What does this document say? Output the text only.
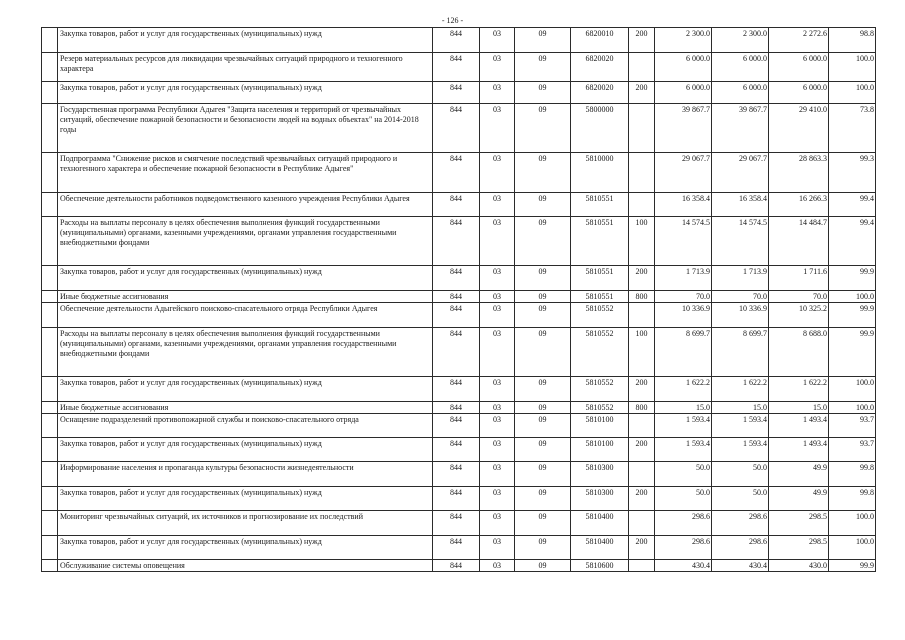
- 126 -
	Закупка товаров, работ и услуг для государственных (муниципальных) нужд	844	03	09	6820010	200	2 300.0	2 300.0	2 272.6	98.8
	Резерв материальных ресурсов для ликвидации чрезвычайных ситуаций природного и техногенного характера	844	03	09	6820020		6 000.0	6 000.0	6 000.0	100.0
	Закупка товаров, работ и услуг для государственных (муниципальных) нужд	844	03	09	6820020	200	6 000.0	6 000.0	6 000.0	100.0
	Государственная программа Республики Адыгея "Защита населения и территорий от чрезвычайных ситуаций, обеспечение пожарной безопасности и безопасности людей на водных объектах" на 2014-2018 годы	844	03	09	5800000		39 867.7	39 867.7	29 410.0	73.8
	Подпрограмма "Снижение рисков и смягчение последствий чрезвычайных ситуаций природного и техногенного характера и обеспечение пожарной безопасности в Республике Адыгея"	844	03	09	5810000		29 067.7	29 067.7	28 863.3	99.3
	Обеспечение деятельности работников подведомственного казенного учреждения Республики Адыгея	844	03	09	5810551		16 358.4	16 358.4	16 266.3	99.4
	Расходы на выплаты персоналу в целях обеспечения выполнения функций государственными (муниципальными) органами, казенными учреждениями, органами управления государственными внебюджетными фондами	844	03	09	5810551	100	14 574.5	14 574.5	14 484.7	99.4
	Закупка товаров, работ и услуг для государственных (муниципальных) нужд	844	03	09	5810551	200	1 713.9	1 713.9	1 711.6	99.9
	Иные бюджетные ассигнования	844	03	09	5810551	800	70.0	70.0	70.0	100.0
	Обеспечение деятельности Адыгейского поисково-спасательного отряда Республики Адыгея	844	03	09	5810552		10 336.9	10 336.9	10 325.2	99.9
	Расходы на выплаты персоналу в целях обеспечения выполнения функций государственными (муниципальными) органами, казенными учреждениями, органами управления государственными внебюджетными фондами	844	03	09	5810552	100	8 699.7	8 699.7	8 688.0	99.9
	Закупка товаров, работ и услуг для государственных (муниципальных) нужд	844	03	09	5810552	200	1 622.2	1 622.2	1 622.2	100.0
	Иные бюджетные ассигнования	844	03	09	5810552	800	15.0	15.0	15.0	100.0
	Оснащение подразделений противопожарной службы и поисково-спасательного отряда	844	03	09	5810100		1 593.4	1 593.4	1 493.4	93.7
	Закупка товаров, работ и услуг для государственных (муниципальных) нужд	844	03	09	5810100	200	1 593.4	1 593.4	1 493.4	93.7
	Информирование населения и пропаганда культуры безопасности жизнедеятельности	844	03	09	5810300		50.0	50.0	49.9	99.8
	Закупка товаров, работ и услуг для государственных (муниципальных) нужд	844	03	09	5810300	200	50.0	50.0	49.9	99.8
	Мониторинг чрезвычайных ситуаций, их источников и прогнозирование их последствий	844	03	09	5810400		298.6	298.6	298.5	100.0
	Закупка товаров, работ и услуг для государственных (муниципальных) нужд	844	03	09	5810400	200	298.6	298.6	298.5	100.0
	Обслуживание системы оповещения	844	03	09	5810600		430.4	430.4	430.0	99.9
